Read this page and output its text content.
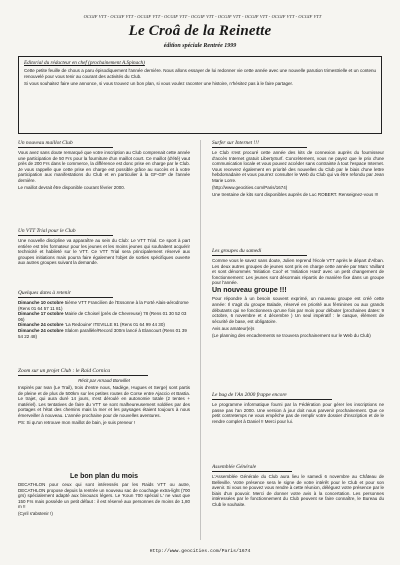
OCGIF VTT - OCGIF VTT - OCGIF VTT - OCGIF VTT - OCGIF VTT - OCGIF VTT - OCGIF VTT - OCGIF VTT - OCGIF VTT
Le Croâ de la Reinette
édition spéciale Rentrée 1999
Editorial du rédacteur en chef (prochainement A.Spinach)

Cette petite feuille de chous a paru épisodiquement l'année dernière. Nous allons essayer de lui redonner vie cette année avec une nouvelle parution trimestrielle et un contenu renouvelé pour vous tenir au courant des activités du Club.

Si vous souhaitez faire une annonce, si vous trouvez un bon plan, si vous voulez raconter une histoire, n'hésitez pas à le faire partager.

Un nouveau maillot Club

Vous avez sans doute remarqué que votre inscription au Club comprenait cette année une participation de 50 Frs pour la fourniture d'un maillot court. Ce maillot (d'été) vaut près de 200 Frs dans le commerce, la différence est donc prise en charge par le Club. Je vous rappelle que cette prise en charge est possible grâce au succès et à votre participation aux manifestations du Club et en particulier à la GF-GIF de l'année dernière.

Le maillot devrait être disponible courant février 2000.

Un VTT Trial pour le Club
Une nouvelle discipline va apparaître au sein du Club: Le VTT Trial. Ce sport à part entière est très formateur pour les jeunes et les moins jeunes qui souhaitent acquérir technicité et habileté sur le VTT. Ce VTT Trial sera principalement réservé aux groupes initiations mais pourra faire également l'objet de sorties spécifiques ouverte aux autres groupes suivant la demande.
Quelques dates à retenir
Dimanche 10 octobre 5ième VTT Francilien de l'Essonne à la Forté Alais-aérodrome (Rens 01 64 57 11 81)
Dimanche 17 octobre Mairie de Choisel (près de Chevreuse) 78 (Rens 01 30 52 03 06)
Dimanche 24 octobre 'La Redouine' ITEVILLE 91 (Rens 01 64 99 44 30)
Dimanche 24 octobre Slalom parallèle/Record 300m lancé à Elancourt (Rens 01 39 54 22 48)
Zoom sur un projet Club : le Raid Cornica

Récit par Arnaud Bonvillet

Inspirés par Ivan (Le Trail), trois d'entre nous, Nadège, Hugues et Serge) sont partis de pleine et de plus de 500km sur les petites routes de Corse entre Ajaccio et Bastia. Le trajet, qui aura duré 14 jours, s'est déroulé en autonomie totale (2 tentes + matériel). Les tentatives de faire du VTT se sont malheureusement soldées par des portages et l'état des chemins mais la mer et les paysages étaient toujours à nous émerveiller à nouveau. L'année prochaine pour de nouvelles aventures.

PS: Si qu'un retrouve mon maillot de bain, je suis preneur !

Le bon plan du mois

DECATHLON pour ceux qui sont intéressés par les Raids VTT ou autre, DECATHLON propose depuis la rentrée un nouveau sac de couchage extra-light (700 grs) spécialement adapté aux bivouacs légers. Le 'Koun 700 spécial L' ne vaut que 150 Frs mais possède un petit défaut : il est réservé aux personnes de moins de 1,80 m !!

(Cyril s'abstenir !)

Surfer sur Internet !!!

Le Club s'est procuré cette année des kits de connexion auprès du fournisseur d'accès Internet gratuit LibertySurf. Concrètement, vous ne payez que le prix d'une communication locale et vous pouvez accéder sans contrainte à tout l'espace Internet. Vous recevrez également en priorité des nouvelles du Club par le biais d'une lettre hebdomadaire et vous pourrez consulter le Web du Club qui va être refondu par Jean Marie Lorre.

(http://www.geocities.com/Paris/1674)

Une trentaine de kits sont disponibles auprès de Luc ROBERT. Renseignez-vous !!!

Les groupes du samedi

Comme vous le savez sans doute, Julien reprend l'école VTT après le départ d'Alban. Les deux autres groupes de jeunes sont pris en charge cette année par Marc Vaillant et sont dénommés 'Initiation Cool' et 'Initiation Hard' avec un petit changement de fonctionnement: Les jeunes sont désormais répartis de manière fixe dans un groupe pour l'année.

Un nouveau groupe !!!

Pour répondre à un besoin souvent exprimé, un nouveau groupe est créé cette année: Il s'agit du groupe Balade, réservé en priorité aux féminines ou aux grands débutants qui ne fonctionnera qu'une fois par mois pour débuter (prochaines dates: 9 octobre, 6 novembre et 4 décembre ) Un seul impératif : le casque, élément de sécurité de base, est obligatoire.

Avis aux amateur(e)s

(Le planning des encadrements se trouvera prochainement sur le Web du Club)

Le bug de l'An 2000 frappe encore
Le programme informatique fourni par la Fédération pour gérer les inscriptions ne passe pas l'an 2000. Une version à jour doit nous parvenir prochainement. Que ce petit contretemps ne vous empêche pas de remplir votre dossier d'inscription et de le rendre complet à Daniel !! Merci pour lui.
Assemblée Générale
L'Assemblée Générale du Club aura lieu le samedi 6 novembre au Château de Belleville. Votre présence sera le signe de votre intérêt pour le Club et pour son avenir. Si vous ne pouvez vous rendre à cette réunion, déléguez votre présence par le biais d'un pouvoir. Merci de donner votre avis à la concertation. Les personnes intéressées par le fonctionnement du Club peuvent se faire connaître, le Bureau du Club le souhaite.
Http://www.geocities.com/Paris/1674
